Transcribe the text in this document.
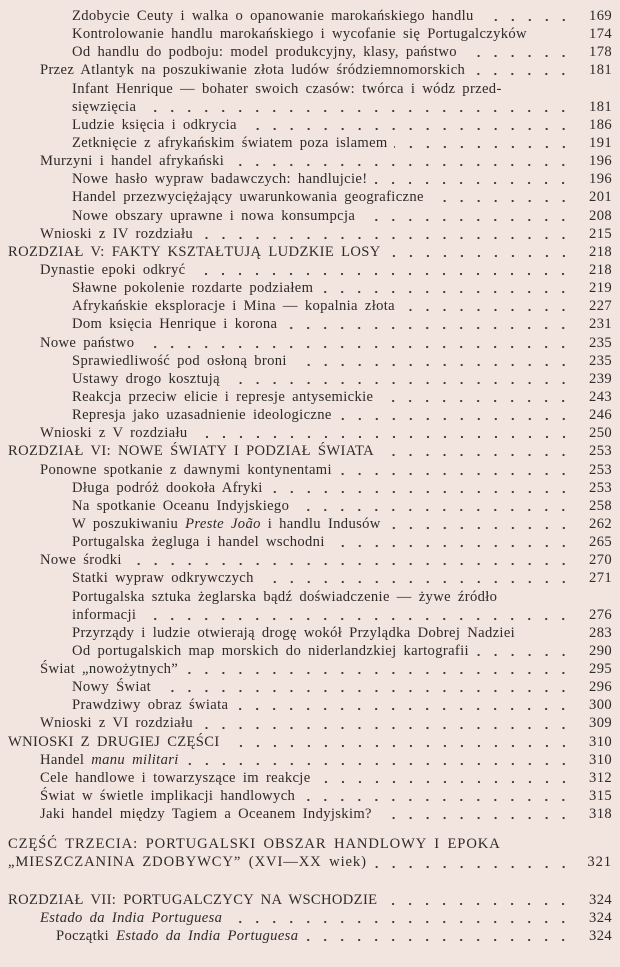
Zdobycie Ceuty i walka o opanowanie marokańskiego handlu	169
Kontrolowanie handlu marokańskiego i wycofanie się Portugalczyków	174
Od handlu do podboju: model produkcyjny, klasy, państwo	178
Przez Atlantyk na poszukiwanie złota ludów śródziemnomorskich	181
Infant Henrique — bohater swoich czasów: twórca i wódz przed-
sięwzięcia	181
Ludzie księcia i odkrycia	186
Zetknięcie z afrykańskim światem poza islamem	191
Murzyni i handel afrykański	196
Nowe hasło wypraw badawczych: handlujcie!	196
Handel przezwyciężający uwarunkowania geograficzne	201
Nowe obszary uprawne i nowa konsumpcja	208
Wnioski z IV rozdziału	215
ROZDZIAŁ V: FAKTY KSZTAŁTUJĄ LUDZKIE LOSY	218
Dynastie epoki odkryć	218
Sławne pokolenie rozdarte podziałem	219
Afrykańskie eksploracje i Mina — kopalnia złota	227
Dom księcia Henrique i korona	231
Nowe państwo	235
Sprawiedliwość pod osłoną broni	235
Ustawy drogo kosztują	239
Reakcja przeciw elicie i represje antysemickie	243
Represja jako uzasadnienie ideologiczne	246
Wnioski z V rozdziału	250
ROZDZIAŁ VI: NOWE ŚWIATY I PODZIAŁ ŚWIATA	253
Ponowne spotkanie z dawnymi kontynentami	253
Długa podróż dookoła Afryki	253
Na spotkanie Oceanu Indyjskiego	258
W poszukiwaniu Preste João i handlu Indusów	262
Portugalska żegluga i handel wschodni	265
Nowe środki	270
Statki wypraw odkrywczych	271
Portugalska sztuka żeglarska bądź doświadczenie — żywe źródło
informacji	276
Przyrządy i ludzie otwierają drogę wokół Przylądka Dobrej Nadziei	283
Od portugalskich map morskich do niderlandzkiej kartografii	290
Świat „nowożytnych”	295
Nowy Świat	296
Prawdziwy obraz świata	300
Wnioski z VI rozdziału	309
WNIOSKI Z DRUGIEJ CZĘŚCI	310
Handel manu militari	310
Cele handlowe i towarzyszące im reakcje	312
Świat w świetle implikacji handlowych	315
Jaki handel między Tagiem a Oceanem Indyjskim?	318
CZĘŚĆ TRZECIA: PORTUGALSKI OBSZAR HANDLOWY I EPOKA
„MIESZCZANINA ZDOBYWCY” (XVI—XX wiek)	321
ROZDZIAŁ VII: PORTUGALCZYCY NA WSCHODZIE	324
Estado da India Portuguesa	324
Początki Estado da India Portuguesa	324
